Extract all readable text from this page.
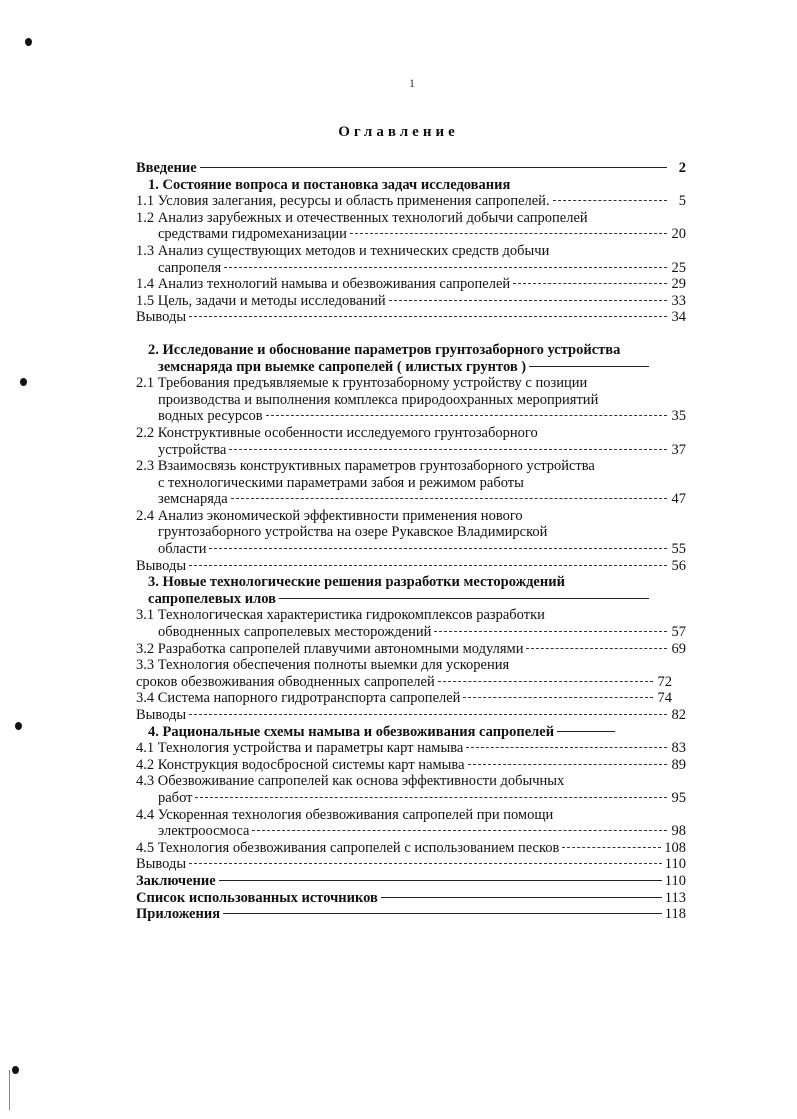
1
Оглавление
Введение	2
1. Состояние вопроса и постановка задач исследования
1.1 Условия залегания, ресурсы и область применения сапропелей.	5
1.2 Анализ зарубежных и отечественных технологий добычи сапропелей
средствами гидромеханизации	20
1.3 Анализ существующих методов и технических средств добычи
сапропеля	25
1.4 Анализ технологий намыва и обезвоживания сапропелей	29
1.5 Цель, задачи и методы исследований	33
Выводы	34
2. Исследование и обоснование параметров грунтозаборного устройства
земснаряда при выемке сапропелей ( илистых грунтов )
2.1 Требования предъявляемые к грунтозаборному устройству с позиции
производства и выполнения комплекса природоохранных мероприятий
водных ресурсов	35
2.2 Конструктивные особенности исследуемого грунтозаборного
устройства	37
2.3 Взаимосвязь конструктивных параметров грунтозаборного устройства
с технологическими параметрами забоя и режимом работы
земснаряда	47
2.4 Анализ экономической эффективности применения нового
грунтозаборного устройства на озере Рукавское Владимирской
области	55
Выводы	56
3. Новые технологические решения разработки месторождений
сапропелевых илов
3.1 Технологическая характеристика гидрокомплексов разработки
обводненных сапропелевых месторождений	57
3.2 Разработка сапропелей плавучими автономными модулями	69
3.3 Технология обеспечения полноты выемки для ускорения
сроков обезвоживания обводненных сапропелей	72
3.4 Система напорного гидротранспорта сапропелей	74
Выводы	82
4. Рациональные схемы намыва и обезвоживания сапропелей
4.1 Технология устройства и параметры карт намыва	83
4.2 Конструкция водосбросной системы карт намыва	89
4.3 Обезвоживание сапропелей как основа эффективности добычных
работ	95
4.4 Ускоренная технология обезвоживания сапропелей при помощи
электроосмоса	98
4.5 Технология обезвоживания сапропелей с использованием песков	108
Выводы	110
Заключение	110
Список использованных источников	113
Приложения	118
